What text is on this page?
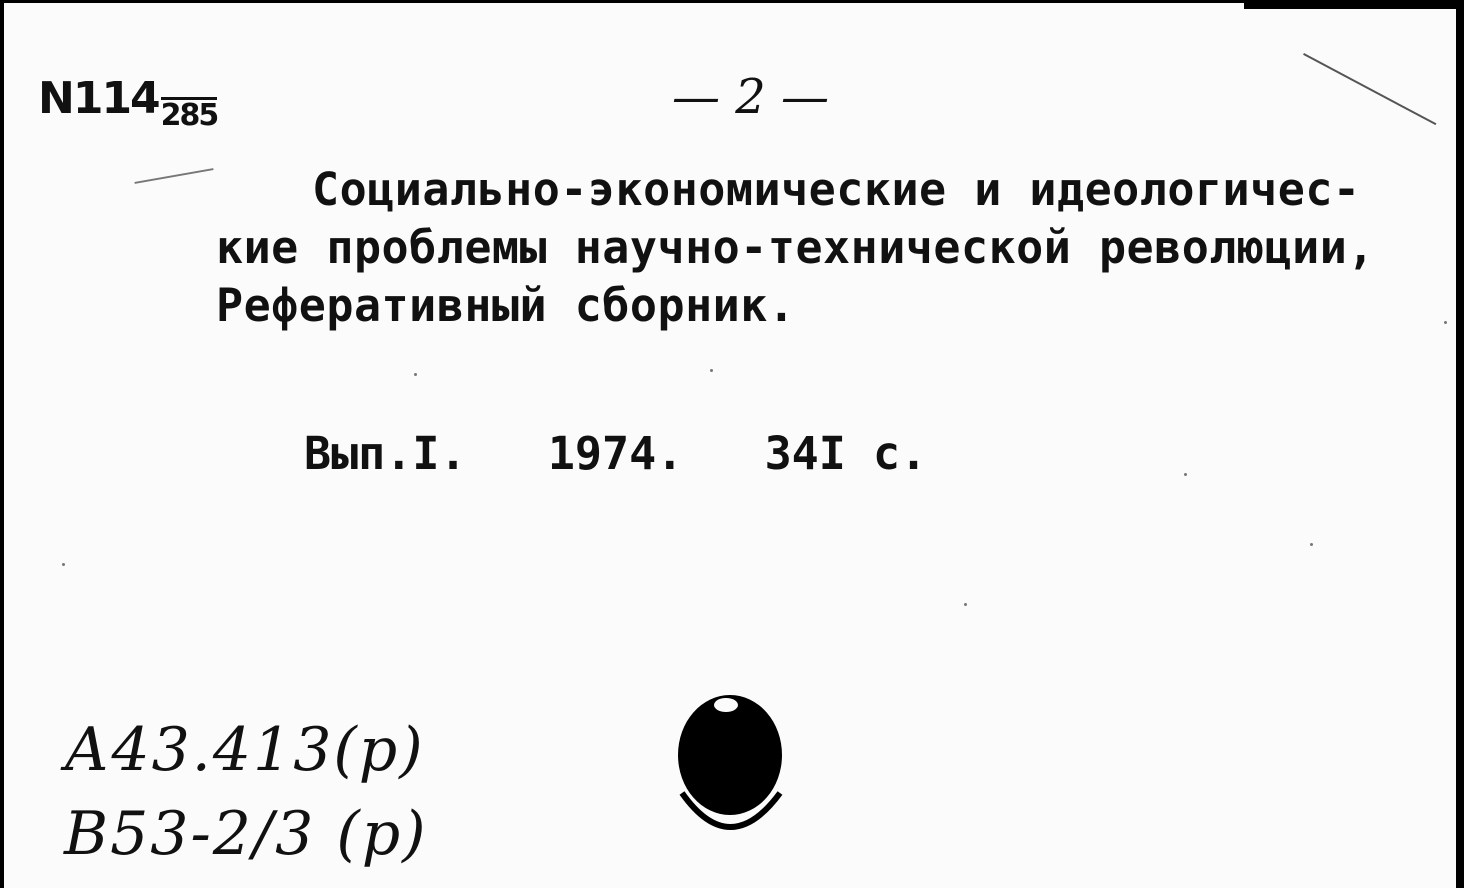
N114285	— 2 —
Социально-экономические и идеологичес-
кие проблемы научно-технической революции,
Реферативный сборник.
Вып.I.   1974.   34I с.
А43.413(р)
В53-2/3 (р)
